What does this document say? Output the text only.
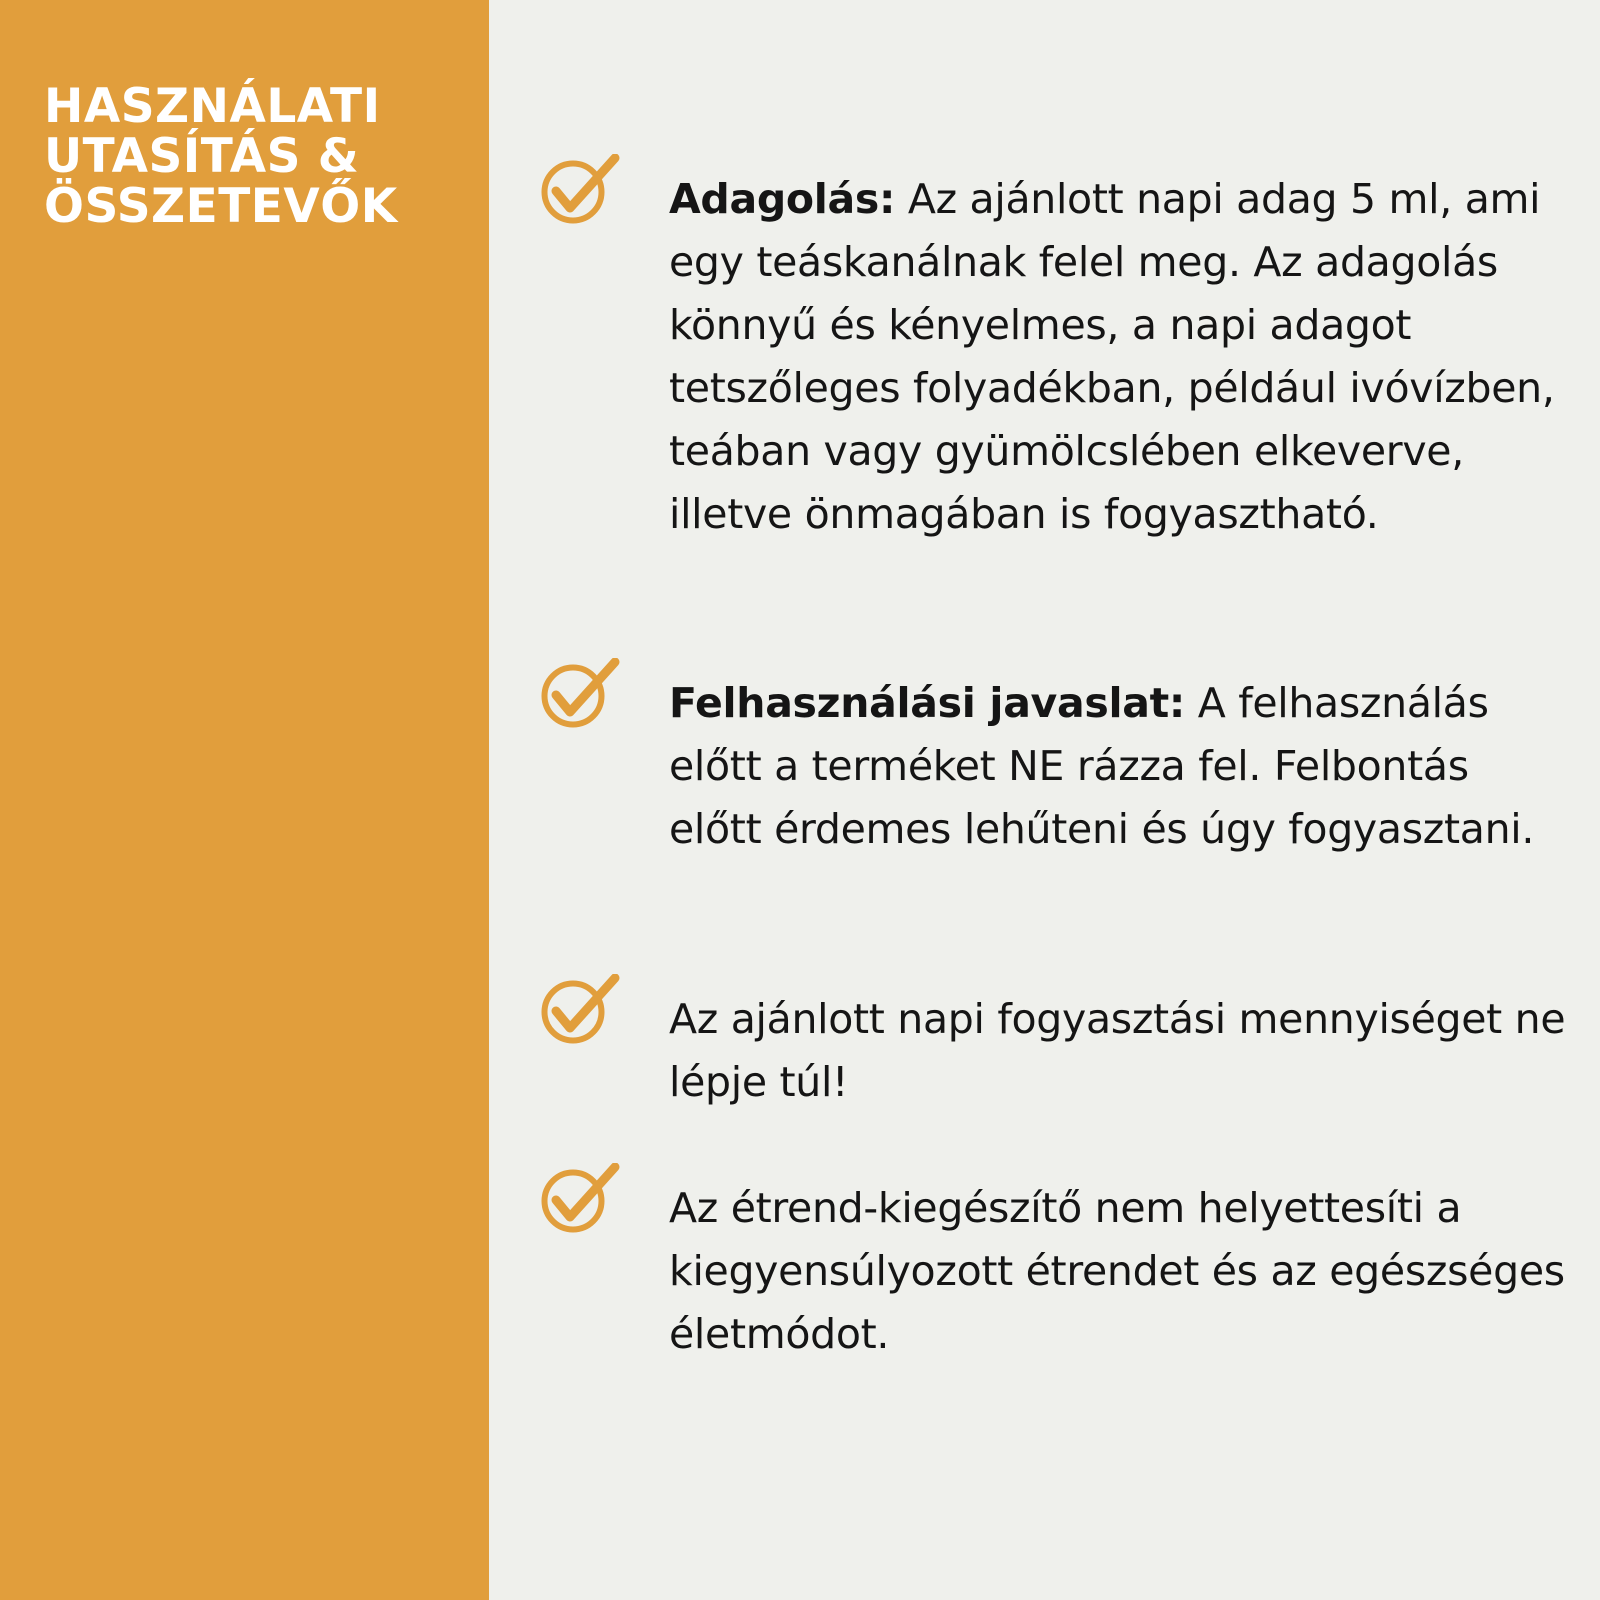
HASZNÁLATI
UTASÍTÁS &
ÖSSZETEVŐK	Adagolás: Az ajánlott napi adag 5 ml, ami egy teáskanálnak felel meg. Az adagolás könnyű és kényelmes, a napi adagot tetszőleges folyadékban, például ivóvízben, teában vagy gyümölcslében elkeverve, illetve önmagában is fogyasztható.

Felhasználási javaslat: A felhasználás előtt a terméket NE rázza fel. Felbontás előtt érdemes lehűteni és úgy fogyasztani.

Az ajánlott napi fogyasztási mennyiséget ne lépje túl!

Az étrend-kiegészítő nem helyettesíti a kiegyensúlyozott étrendet és az egészséges életmódot.
